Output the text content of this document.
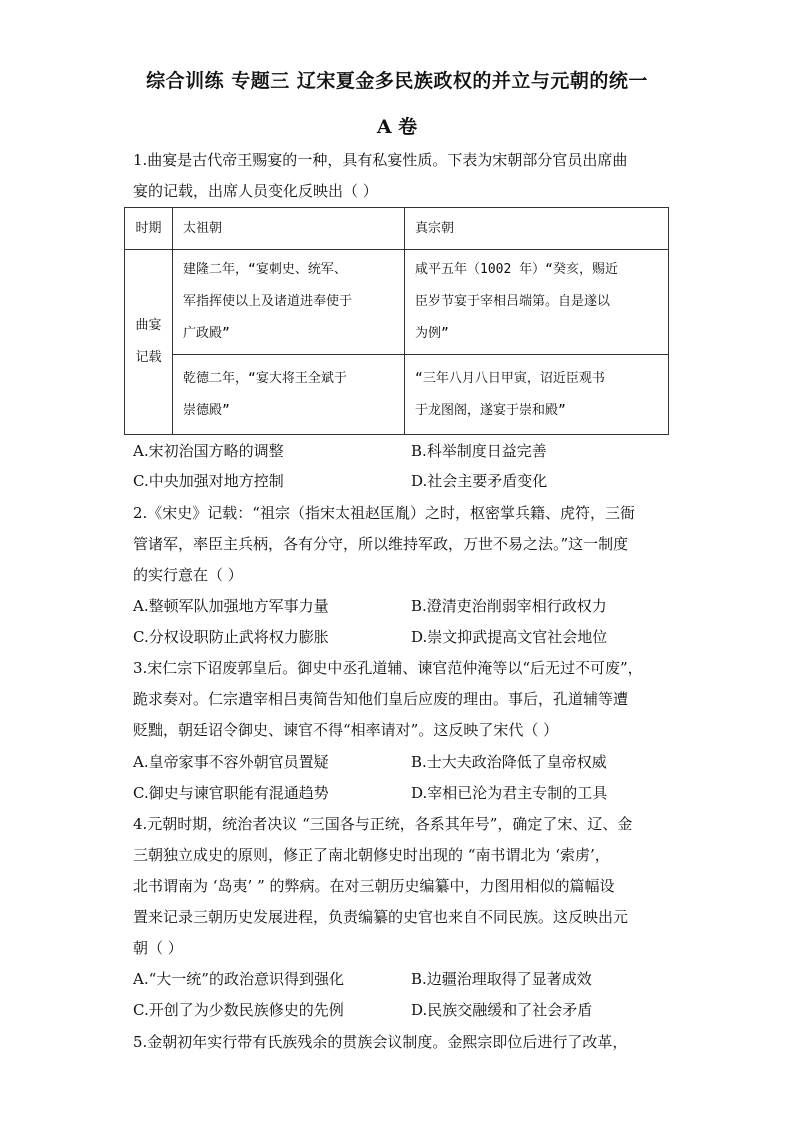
综合训练 专题三 辽宋夏金多民族政权的并立与元朝的统一
A 卷
1.曲宴是古代帝王赐宴的一种，具有私宴性质。下表为宋朝部分官员出席曲
宴的记载，出席人员变化反映出（ ）
时期	太祖朝	真宗朝

曲宴
记载	建隆二年，“宴刺史、统军、
军指挥使以上及诸道进奉使于
广政殿”	咸平五年（1002 年）“癸亥，赐近
臣岁节宴于宰相吕端第。自是遂以
为例”

	乾德二年，“宴大将王全斌于
崇德殿”	“三年八月八日甲寅，诏近臣观书
于龙图阁，遂宴于崇和殿”
A.宋初治国方略的调整	B.科举制度日益完善
C.中央加强对地方控制	D.社会主要矛盾变化
2.《宋史》记载：“祖宗（指宋太祖赵匡胤）之时，枢密掌兵籍、虎符，三衙
管诸军，率臣主兵柄，各有分守，所以维持军政，万世不易之法。”这一制度
的实行意在（ ）
A.整顿军队加强地方军事力量	B.澄清吏治削弱宰相行政权力
C.分权设职防止武将权力膨胀	D.崇文抑武提高文官社会地位
3.宋仁宗下诏废郭皇后。御史中丞孔道辅、谏官范仲淹等以“后无过不可废”，
跪求奏对。仁宗遣宰相吕夷简告知他们皇后应废的理由。事后，孔道辅等遭
贬黜，朝廷诏令御史、谏官不得“相率请对”。这反映了宋代（ ）
A.皇帝家事不容外朝官员置疑	B.士大夫政治降低了皇帝权威
C.御史与谏官职能有混通趋势	D.宰相已沦为君主专制的工具
4.元朝时期，统治者决议 “三国各与正统，各系其年号”，确定了宋、辽、金
三朝独立成史的原则，修正了南北朝修史时出现的 “南书谓北为 ‘索虏’，
北书谓南为 ‘岛夷’ ” 的弊病。在对三朝历史编纂中，力图用相似的篇幅设
置来记录三朝历史发展进程，负责编纂的史官也来自不同民族。这反映出元
朝（ ）
A.“大一统”的政治意识得到强化	B.边疆治理取得了显著成效
C.开创了为少数民族修史的先例	D.民族交融缓和了社会矛盾
5.金朝初年实行带有氏族残余的贯族会议制度。金熙宗即位后进行了改革，
